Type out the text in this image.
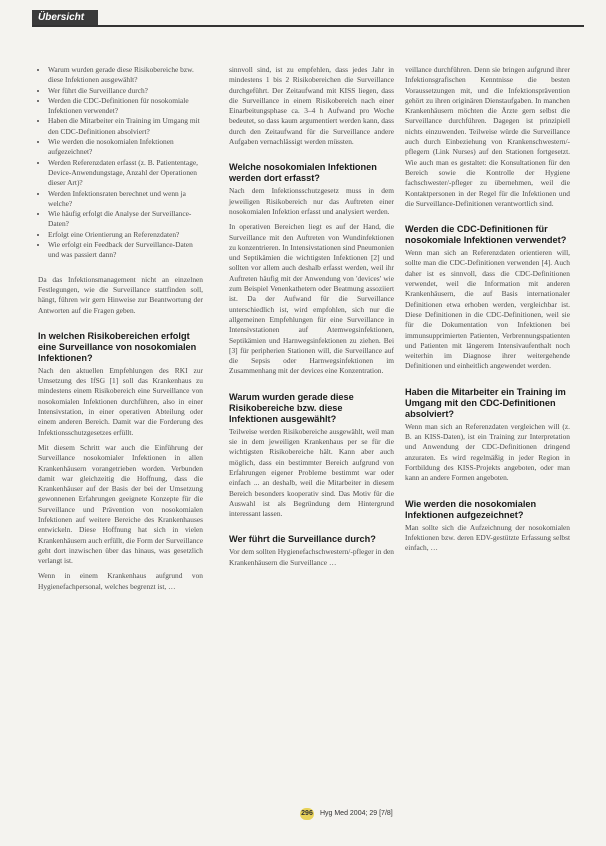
Übersicht
• Warum wurden gerade diese Risikobereiche bzw. diese Infektionen ausgewählt?
• Wer führt die Surveillance durch?
• Werden die CDC-Definitionen für nosokomiale Infektionen verwendet?
• Haben die Mitarbeiter ein Training im Umgang mit den CDC-Definitionen absolviert?
• Wie werden die nosokomialen Infektionen aufgezeichnet?
• Werden Referenzdaten erfasst (z. B. Patiententage, Device-Anwendungstage, Anzahl der Operationen dieser Art)?
• Werden Infektionsraten berechnet und wenn ja welche?
• Wie häufig erfolgt die Analyse der Surveillance-Daten?
• Erfolgt eine Orientierung an Referenzdaten?
• Wie erfolgt ein Feedback der Surveillance-Daten und was passiert dann?

Da das Infektionsmanagement nicht an einzelnen Festlegungen, wie die Surveillance stattfinden soll, hängt, führen wir gern Hinweise zur Beantwortung der Antworten auf die Fragen geben.

In welchen Risikobereichen erfolgt eine Surveillance von nosokomialen Infektionen?

Nach den aktuellen Empfehlungen des RKI zur Umsetzung des IfSG [1] soll das Krankenhaus zu mindestens einem Risikobereich eine Surveillance von nosokomialen Infektionen durchführen, also in einer Intensivstation, in einer operativen Abteilung oder einem anderen Bereich. Damit war die Forderung des Infektionsschutzgesetzes erfüllt.

Mit diesem Schritt war auch die Einführung der Surveillance nosokomialer Infektionen in allen Krankenhäusern vorangetrieben worden. Verbunden damit war gleichzeitig die Hoffnung, dass die Krankenhäuser auf der Basis der bei der Umsetzung gewonnenen Erfahrungen geeignete Konzepte für die Surveillance und Prävention von nosokomialen Infektionen auf weitere Bereiche des Krankenhauses entwickeln. Diese Hoffnung hat sich in vielen Krankenhäusern auch erfüllt, die Form der Surveillance geht dort inzwischen über das hinaus, was gesetzlich verlangt ist.

Wenn in einem Krankenhaus aufgrund von Hygienefachpersonal, welches begrenzt ist, …

sinnvoll sind, ist zu empfehlen, dass jedes Jahr in mindestens 1 bis 2 Risikobereichen die Surveillance durchgeführt. Der Zeitaufwand mit KISS liegen, dass die Surveillance in einem Risikobereich nach einer Einarbeitungsphase ca. 3–4 h Aufwand pro Woche bedeutet, so dass kaum argumentiert werden kann, dass durch den Zeitaufwand für die Surveillance andere Aufgaben vernachlässigt werden müssten.

Welche nosokomialen Infektionen werden dort erfasst?

Nach dem Infektionsschutzgesetz muss in dem jeweiligen Risikobereich nur das Auftreten einer nosokomialen Infektion erfasst und analysiert werden.

In operativen Bereichen liegt es auf der Hand, die Surveillance mit den Auftreten von Wundinfektionen zu konzentrieren. In Intensivstationen sind Pneumonien und Septikämien die wichtigsten Infektionen [2] und sollten vor allem auch deshalb erfasst werden, weil ihr Auftreten häufig mit der Anwendung von 'devices' wie zum Beispiel Venenkathetern oder Beatmung assoziiert ist. Da der Aufwand für die Surveillance unterschiedlich ist, wird empfohlen, sich nur die allgemeinen Empfehlungen für eine Surveillance in Intensivstationen auf Atemwegsinfektionen, Septikämien und Harnwegsinfektionen zu ziehen. Bei [3] für peripherien Stationen will, die Surveillance auf die Sepsis oder Harnwegsinfektionen im Zusammenhang mit der devices eine Konzentration.

Warum wurden gerade diese Risikobereiche bzw. diese Infektionen ausgewählt?

Teilweise werden Risikobereiche ausgewählt, weil man sie in dem jeweiligen Krankenhaus per se für die wichtigsten Risikobereiche hält. Kann aber auch möglich, dass ein bestimmter Bereich aufgrund von Erfahrungen eigener Probleme bestimmt war oder einfach ... an deshalb, weil die Mitarbeiter in diesem Bereich besonders kooperativ sind. Das Motiv für die Auswahl ist als Begründung dem Hintergrund interessant lassen.

Wer führt die Surveillance durch?

Vor dem sollten Hygienefachschwestern/-pfleger in den Krankenhäusern die Surveillance …

veillance durchführen. Denn sie bringen aufgrund ihrer Infektionsgrafischen Kenntnisse die besten Voraussetzungen mit, und die Infektionsprävention gehört zu ihren originären Dienstaufgaben. In manchen Krankenhäusern möchten die Ärzte gern selbst die Surveillance durchführen. Dagegen ist prinzipiell nichts einzuwenden. Teilweise würde die Surveillance auch durch Einbeziehung von Krankenschwestern/-pflegern (Link Nurses) auf den Stationen fortgesetzt. Wie auch man es gestaltet: die Konsultationen für den Bereich sowie die Kontrolle der Hygiene fachschwester/-pfleger zu übernehmen, weil die Kontaktpersonen in der Regel für die Infektionen und die Surveillance-Definitionen verantwortlich sind.

Werden die CDC-Definitionen für nosokomiale Infektionen verwendet?

Wenn man sich an Referenzdaten orientieren will, sollte man die CDC-Definitionen verwenden [4]. Auch daher ist es sinnvoll, dass die CDC-Definitionen verwendet, weil die Information mit anderen Krankenhäusern, die auf Basis internationaler Definitionen etwa erhoben werden, vergleichbar ist. Diese Definitionen in die CDC-Definitionen, weil sie für die Dokumentation von Infektionen bei immunsupprimierten Patienten, Verbrennungspatienten und Patienten mit längerem Intensivaufenthalt noch weiterhin im Diagnose ihrer weitergehende Definitionen und einheitlich angewendet werden.

Haben die Mitarbeiter ein Training im Umgang mit den CDC-Definitionen absolviert?

Wenn man sich an Referenzdaten vergleichen will (z. B. an KISS-Daten), ist ein Training zur Interpretation und Anwendung der CDC-Definitionen dringend anzuraten. Es wird regelmäßig in jeder Region in Fortbildung des KISS-Projekts angeboten, oder man kann an andere Formen angeboten.

Wie werden die nosokomialen Infektionen aufgezeichnet?

Man sollte sich die Aufzeichnung der nosokomialen Infektionen bzw. deren EDV-gestützte Erfassung selbst einfach, …

296 Hyg Med 2004; 29 [7/8]
